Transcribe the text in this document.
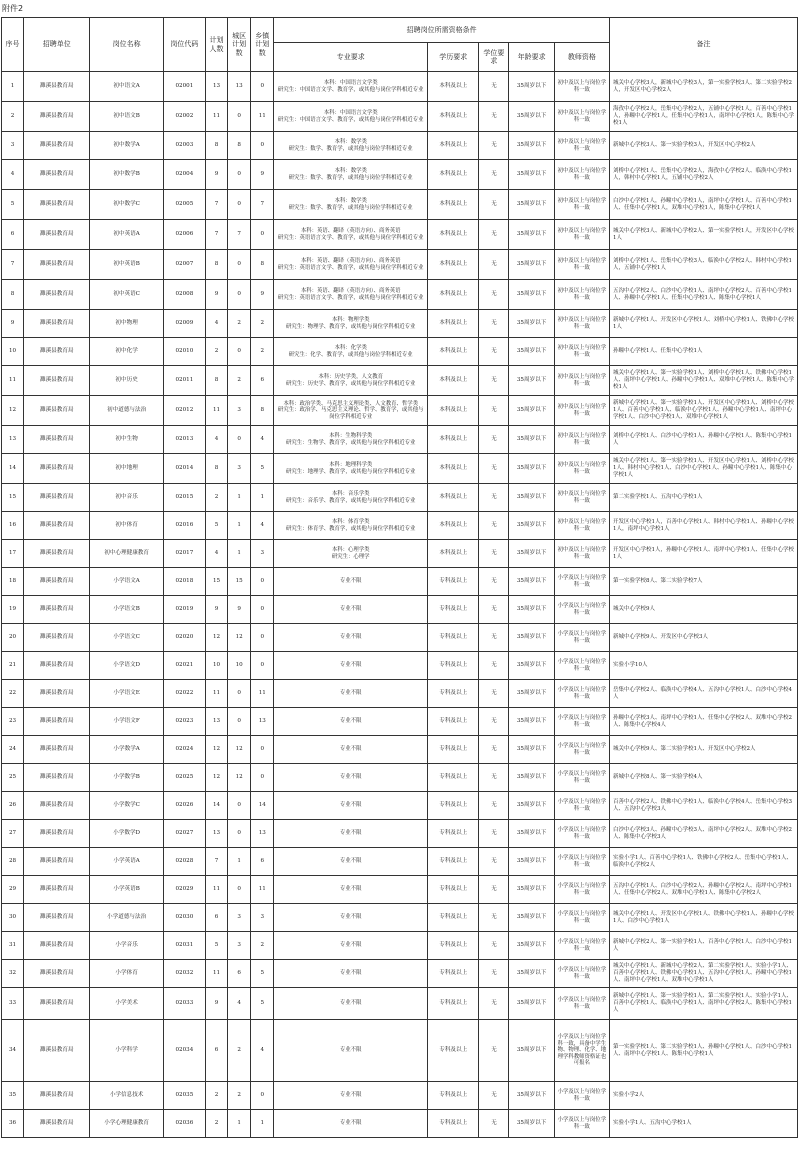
附件2
序号	招聘单位	岗位名称	岗位代码	计划人数	城区计划数	乡镇计划数	招聘岗位所需资格条件					备注
							专业要求	学历要求	学位要求	年龄要求	教师资格	
1	濉溪县教育局	初中语文A	02001	13	13	0	本科：中国语言文学类
研究生：中国语言文学、教育学，或其他与岗位学科相近专业	本科及以上	无	35周岁以下	初中及以上与岗位学科一致	城关中心学校3人，新城中心学校3人，第一实验学校3人、第二实验学校2人，开发区中心学校2人
2	濉溪县教育局	初中语文B	02002	11	0	11	本科：中国语言文学类
研究生：中国语言文学、教育学，或其他与岗位学科相近专业	本科及以上	无	35周岁以下	初中及以上与岗位学科一致	海孜中心学校2人，岳集中心学校2人，五铺中心学校1人，百善中心学校1人，孙疃中心学校1人，任集中心学校1人，南坪中心学校1人，陈集中心学校1人
3	濉溪县教育局	初中数学A	02003	8	8	0	本科：数学类
研究生：数学、教育学，或其他与岗位学科相近专业	本科及以上	无	35周岁以下	初中及以上与岗位学科一致	新城中心学校3人、第一实验学校3人，开发区中心学校2人
4	濉溪县教育局	初中数学B	02004	9	0	9	本科：数学类
研究生：数学、教育学，或其他与岗位学科相近专业	本科及以上	无	35周岁以下	初中及以上与岗位学科一致	刘桥中心学校1人、岳集中心学校2人，海孜中心学校2人、临涣中心学校1人，韩村中心学校1人，五铺中心学校2人
5	濉溪县教育局	初中数学C	02005	7	0	7	本科：数学类
研究生：数学、教育学，或其他与岗位学科相近专业	本科及以上	无	35周岁以下	初中及以上与岗位学科一致	白沙中心学校1人，孙疃中心学校1人，南坪中心学校1人、百善中心学校1人、任集中心学校1人，双堆中心学校1人，陈集中心学校1人
6	濉溪县教育局	初中英语A	02006	7	7	0	本科：英语、翻译（英语方向）、商务英语
研究生：英语语言文学、教育学，或其他与岗位学科相近专业	本科及以上	无	35周岁以下	初中及以上与岗位学科一致	城关中心学校3人、新城中心学校2人、第一实验学校1人，开发区中心学校1人
7	濉溪县教育局	初中英语B	02007	8	0	8	本科：英语、翻译（英语方向）、商务英语
研究生：英语语言文学、教育学，或其他与岗位学科相近专业	本科及以上	无	35周岁以下	初中及以上与岗位学科一致	刘桥中心学校1人、岳集中心学校3人、临涣中心学校2人、韩村中心学校1人，五铺中心学校1人
8	濉溪县教育局	初中英语C	02008	9	0	9	本科：英语、翻译（英语方向）、商务英语
研究生：英语语言文学、教育学，或其他与岗位学科相近专业	本科及以上	无	35周岁以下	初中及以上与岗位学科一致	五沟中心学校2人、白沙中心学校1人、南坪中心学校2人、百善中心学校1人、孙疃中心学校1人、任集中心学校1人、陈集中心学校1人
9	濉溪县教育局	初中物理	02009	4	2	2	本科：物理学类
研究生：物理学、教育学，或其他与岗位学科相近专业	本科及以上	无	35周岁以下	初中及以上与岗位学科一致	新城中心学校1人、开发区中心学校1人、刘桥中心学校1人、铁佛中心学校1人
10	濉溪县教育局	初中化学	02010	2	0	2	本科：化学类
研究生：化学、教育学，或其他与岗位学科相近专业	本科及以上	无	35周岁以下	初中及以上与岗位学科一致	孙疃中心学校1人、任集中心学校1人
11	濉溪县教育局	初中历史	02011	8	2	6	本科：历史学类，人文教育
研究生：历史学、教育学，或其他与岗位学科相近专业	本科及以上	无	35周岁以下	初中及以上与岗位学科一致	城关中心学校1人、第一实验学校1人、刘桥中心学校1人、铁佛中心学校1人、南坪中心学校1人、孙疃中心学校1人、双堆中心学校1人、陈集中心学校1人
12	濉溪县教育局	初中道德与法治	02012	11	3	8	本科：政治学类、马克思主义理论类、人文教育、哲学类
研究生：政治学、马克思主义理论、哲学、教育学，或其他与岗位学科相近专业	本科及以上	无	35周岁以下	初中及以上与岗位学科一致	新城中心学校1人、第一实验学校1人、开发区中心学校1人、刘桥中心学校1人、百善中心学校1人、临涣中心学校1人、孙疃中心学校1人、南坪中心学校1人、白沙中心学校1人、双堆中心学校1人
13	濉溪县教育局	初中生物	02013	4	0	4	本科：生物科学类
研究生：生物学、教育学，或其他与岗位学科相近专业	本科及以上	无	35周岁以下	初中及以上与岗位学科一致	刘桥中心学校1人、白沙中心学校1人、孙疃中心学校1人、陈集中心学校1人
14	濉溪县教育局	初中地理	02014	8	3	5	本科：地理科学类
研究生：地理学、教育学，或其他与岗位学科相近专业	本科及以上	无	35周岁以下	初中及以上与岗位学科一致	城关中心学校1人、第一实验学校1人、开发区中心学校1人、刘桥中心学校1人、韩村中心学校1人、白沙中心学校1人、孙疃中心学校1人、陈集中心学校1人
15	濉溪县教育局	初中音乐	02015	2	1	1	本科：音乐学类
研究生：音乐学、教育学，或其他与岗位学科相近专业	本科及以上	无	35周岁以下	初中及以上与岗位学科一致	第二实验学校1人、五沟中心学校1人
16	濉溪县教育局	初中体育	02016	5	1	4	本科：体育学类
研究生：体育学、教育学，或其他与岗位学科相近专业	本科及以上	无	35周岁以下	初中及以上与岗位学科一致	开发区中心学校1人，百善中心学校1人、韩村中心学校1人、孙疃中心学校1人，南坪中心学校1人
17	濉溪县教育局	初中心理健康教育	02017	4	1	3	本科：心理学类
研究生：心理学	本科及以上	无	35周岁以下	初中及以上与岗位学科一致	开发区中心学校1人，孙疃中心学校1人、南坪中心学校1人、任集中心学校1人
18	濉溪县教育局	小学语文A	02018	15	15	0	专业不限	专科及以上	无	35周岁以下	小学及以上与岗位学科一致	第一实验学校8人、第二实验学校7人
19	濉溪县教育局	小学语文B	02019	9	9	0	专业不限	专科及以上	无	35周岁以下	小学及以上与岗位学科一致	城关中心学校9人
20	濉溪县教育局	小学语文C	02020	12	12	0	专业不限	专科及以上	无	35周岁以下	小学及以上与岗位学科一致	新城中心学校9人、开发区中心学校3人
21	濉溪县教育局	小学语文D	02021	10	10	0	专业不限	专科及以上	无	35周岁以下	小学及以上与岗位学科一致	实验小学10人
22	濉溪县教育局	小学语文E	02022	11	0	11	专业不限	专科及以上	无	35周岁以下	小学及以上与岗位学科一致	岳集中心学校2人、临涣中心学校4人、五沟中心学校1人、白沙中心学校4人
23	濉溪县教育局	小学语文F	02023	13	0	13	专业不限	专科及以上	无	35周岁以下	小学及以上与岗位学科一致	孙疃中心学校3人、南坪中心学校1人、任集中心学校2人、双堆中心学校2人、陈集中心学校4人
24	濉溪县教育局	小学数学A	02024	12	12	0	专业不限	专科及以上	无	35周岁以下	小学及以上与岗位学科一致	城关中心学校9人、第二实验学校1人、开发区中心学校2人
25	濉溪县教育局	小学数学B	02025	12	12	0	专业不限	专科及以上	无	35周岁以下	小学及以上与岗位学科一致	新城中心学校8人、第一实验学校4人
26	濉溪县教育局	小学数学C	02026	14	0	14	专业不限	专科及以上	无	35周岁以下	小学及以上与岗位学科一致	百善中心学校2人、铁佛中心学校1人、临涣中心学校4人、岳集中心学校3人、五沟中心学校3人
27	濉溪县教育局	小学数学D	02027	13	0	13	专业不限	专科及以上	无	35周岁以下	小学及以上与岗位学科一致	白沙中心学校3人、孙疃中心学校3人、南坪中心学校2人、双堆中心学校2人、陈集中心学校3人
28	濉溪县教育局	小学英语A	02028	7	1	6	专业不限	专科及以上	无	35周岁以下	小学及以上与岗位学科一致	实验小学1人、百善中心学校1人、铁佛中心学校2人、岳集中心学校1人、临涣中心学校2人
29	濉溪县教育局	小学英语B	02029	11	0	11	专业不限	专科及以上	无	35周岁以下	小学及以上与岗位学科一致	五沟中心学校1人、白沙中心学校2人、孙疃中心学校2人、南坪中心学校1人、任集中心学校2人、双堆中心学校1人、陈集中心学校2人
30	濉溪县教育局	小学道德与法治	02030	6	3	3	专业不限	专科及以上	无	35周岁以下	小学及以上与岗位学科一致	城关中心学校1人、开发区中心学校1人、铁佛中心学校1人、孙疃中心学校1人、白沙中心学校1人
31	濉溪县教育局	小学音乐	02031	5	3	2	专业不限	专科及以上	无	35周岁以下	小学及以上与岗位学科一致	新城中心学校2人、第一实验学校1人、百善中心学校1人、白沙中心学校1人
32	濉溪县教育局	小学体育	02032	11	6	5	专业不限	专科及以上	无	35周岁以下	小学及以上与岗位学科一致	城关中心学校1人、新城中心学校2人、第二实验学校1人、实验小学1人、百善中心学校1人、铁佛中心学校1人、五沟中心学校1人、孙疃中心学校1人、南坪中心学校1人、双堆中心学校1人
33	濉溪县教育局	小学美术	02033	9	4	5	专业不限	专科及以上	无	35周岁以下	小学及以上与岗位学科一致	新城中心学校1人、第一实验学校1人、第二实验学校1人、实验小学1人、百善中心学校1人、临涣中心学校1人、南坪中心学校2人、陈集中心学校1人
34	濉溪县教育局	小学科学	02034	6	2	4	专业不限	专科及以上	无	35周岁以下	小学及以上与岗位学科一致，具备中学生物、物理、化学、地理学科教师资格证也可报名	第一实验学校1人、第二实验学校1人、孙疃中心学校1人、白沙中心学校1人、南坪中心学校1人、陈集中心学校1人
35	濉溪县教育局	小学信息技术	02035	2	2	0	专业不限	专科及以上	无	35周岁以下	小学及以上与岗位学科一致	实验小学2人
36	濉溪县教育局	小学心理健康教育	02036	2	1	1	专业不限	专科及以上	无	35周岁以下	小学及以上与岗位学科一致	实验小学1人、五沟中心学校1人
